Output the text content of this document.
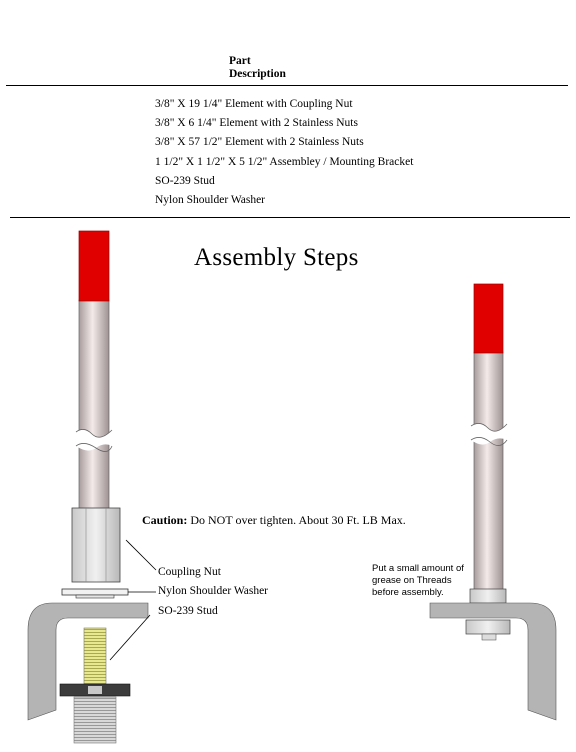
Part
Description
3/8" X 19 1/4" Element with Coupling Nut
3/8" X 6 1/4" Element with 2 Stainless Nuts
3/8" X 57 1/2" Element with 2 Stainless Nuts
1 1/2" X 1 1/2" X 5 1/2" Assembley / Mounting Bracket
SO-239 Stud
Nylon Shoulder Washer
Assembly Steps
Caution: Do NOT over tighten. About 30 Ft. LB Max.
Coupling Nut
Nylon Shoulder Washer
SO-239 Stud
Put a small amount of grease on Threads before assembly.
